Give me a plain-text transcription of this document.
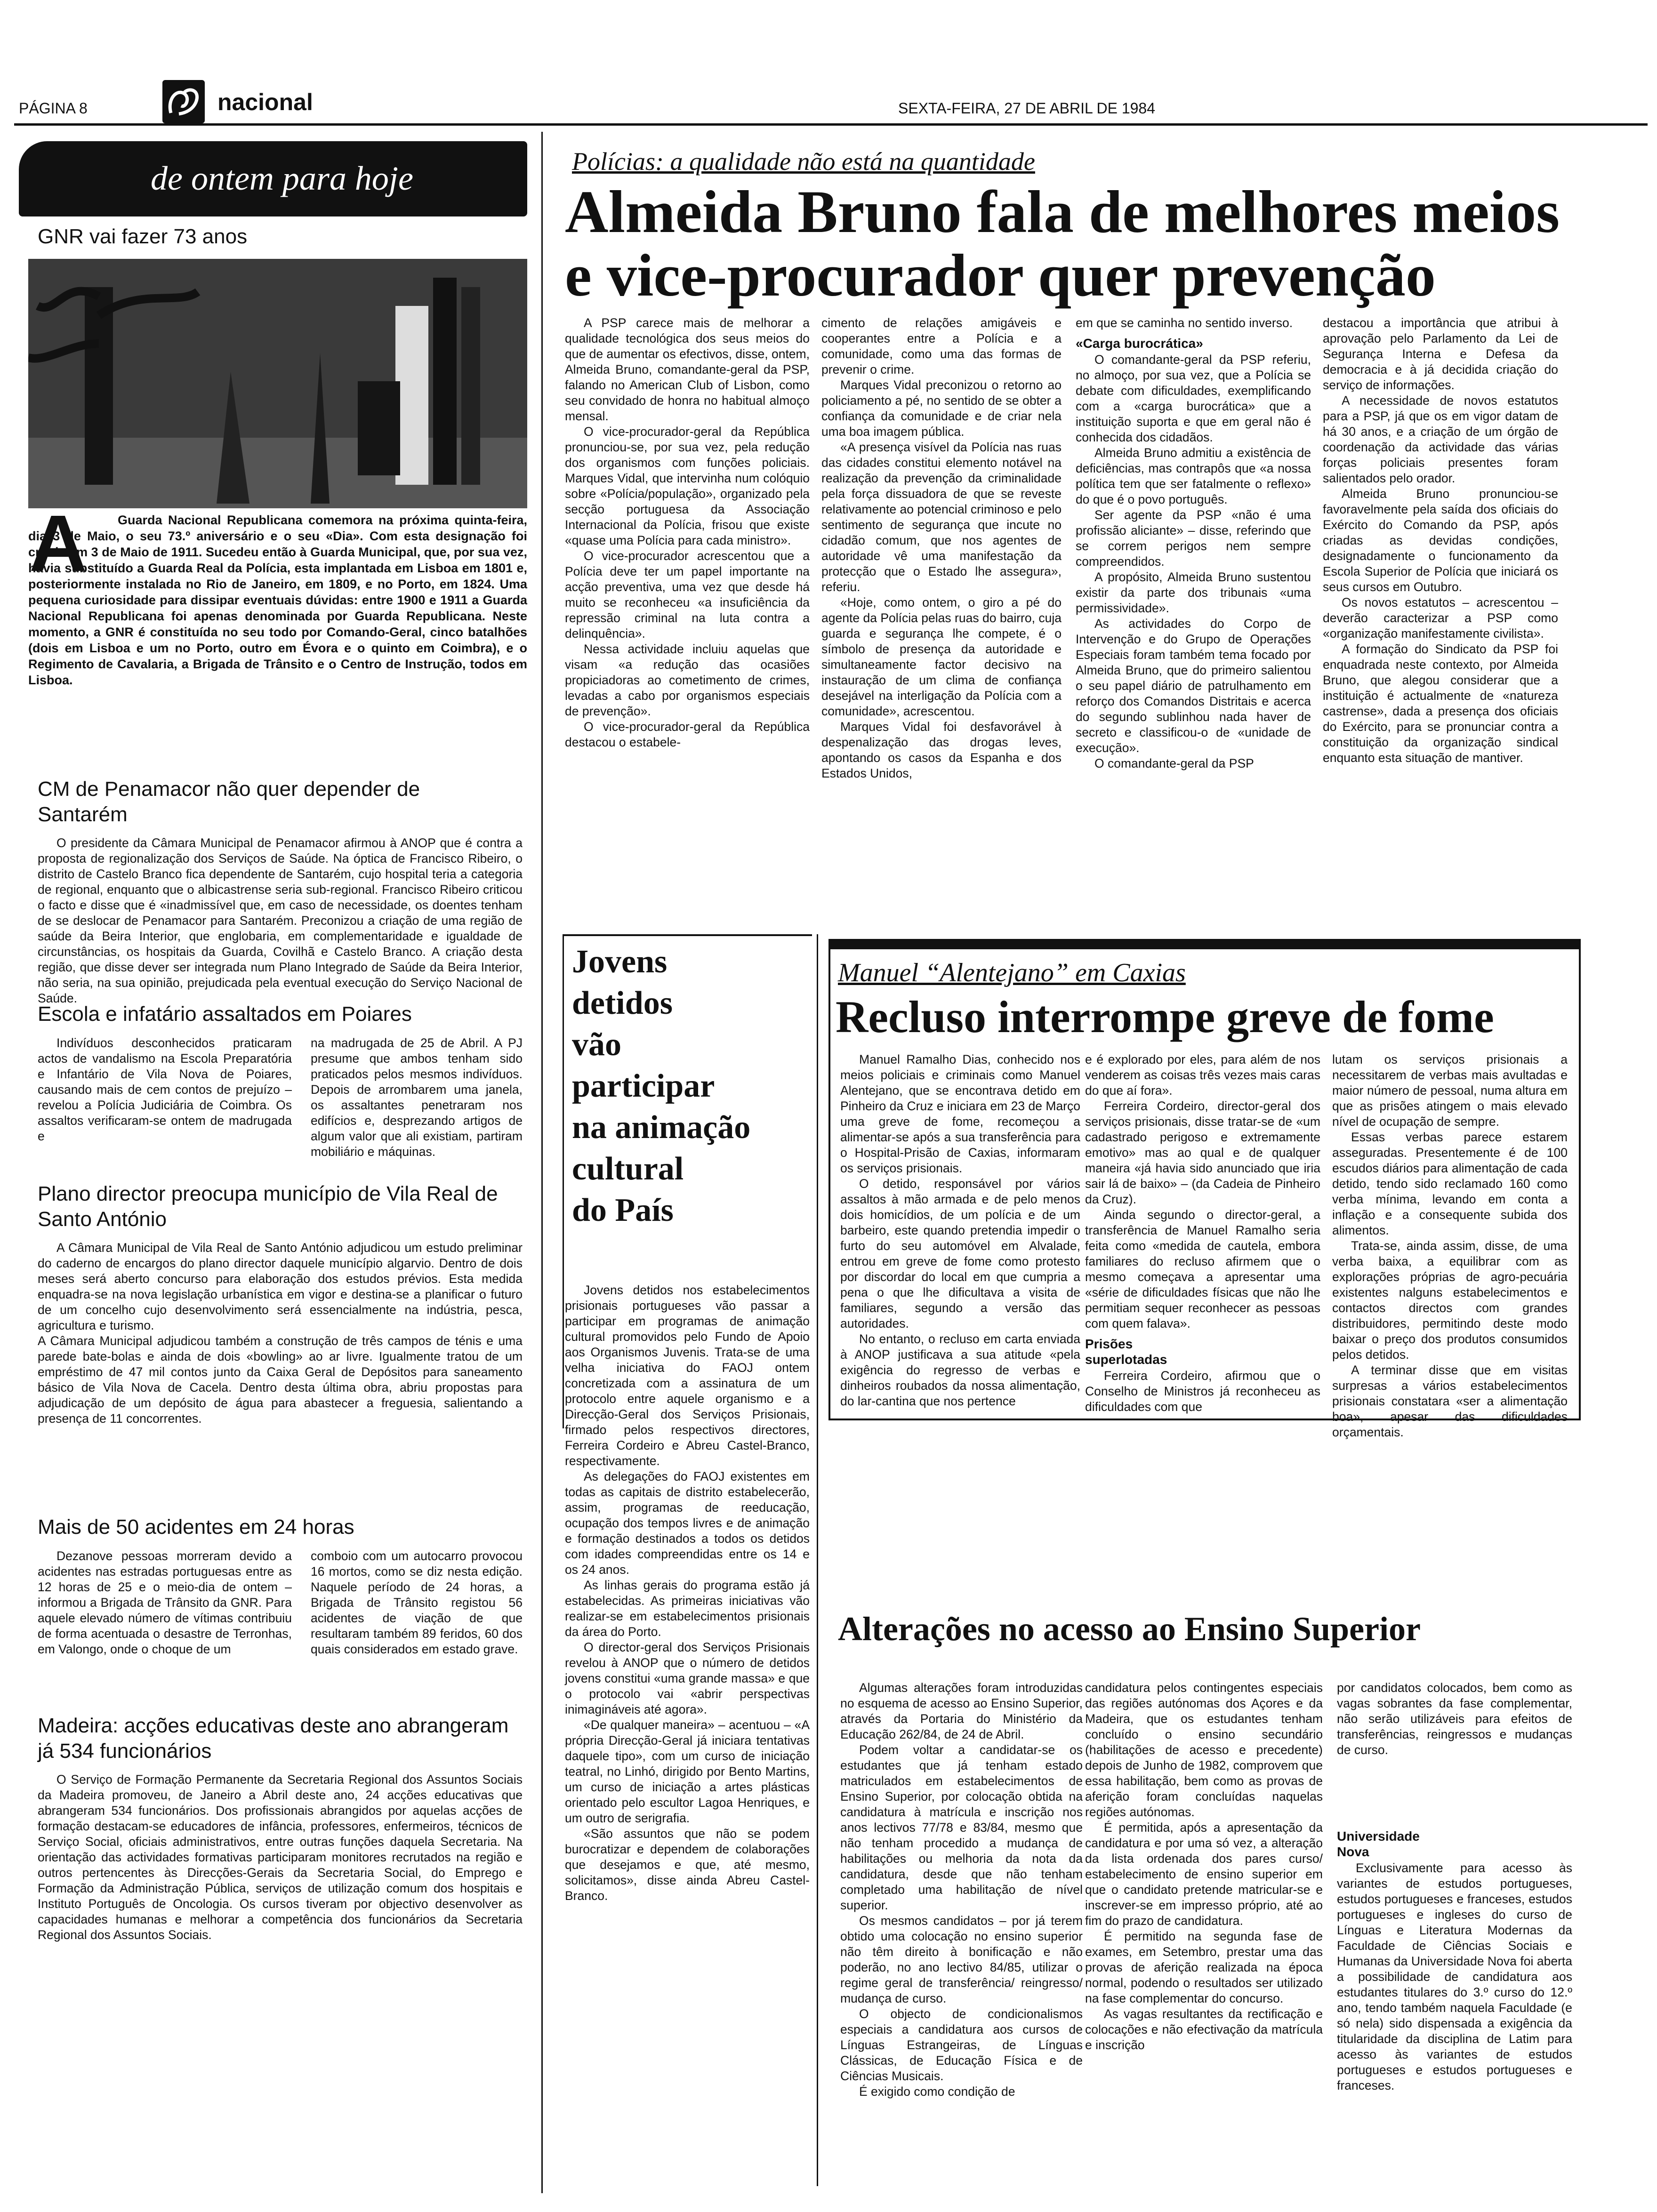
PÁGINA 8	nacional	SEXTA-FEIRA, 27 DE ABRIL DE 1984
de ontem para hoje
GNR vai fazer 73 anos
A	Guarda Nacional Republicana comemora na próxima quinta-feira, dia 3 de Maio, o seu 73.º aniversário e o seu «Dia». Com esta designação foi criada em 3 de Maio de 1911. Sucedeu então à Guarda Municipal, que, por sua vez, havia substituído a Guarda Real da Polícia, esta implantada em Lisboa em 1801 e, posteriormente instalada no Rio de Janeiro, em 1809, e no Porto, em 1824. Uma pequena curiosidade para dissipar eventuais dúvidas: entre 1900 e 1911 a Guarda Nacional Republicana foi apenas denominada por Guarda Republicana. Neste momento, a GNR é constituída no seu todo por Comando-Geral, cinco batalhões (dois em Lisboa e um no Porto, outro em Évora e o quinto em Coimbra), e o Regimento de Cavalaria, a Brigada de Trânsito e o Centro de Instrução, todos em Lisboa.
CM de Penamacor não quer depender de Santarém
O presidente da Câmara Municipal de Penamacor afirmou à ANOP que é contra a proposta de regionalização dos Serviços de Saúde. Na óptica de Francisco Ribeiro, o distrito de Castelo Branco fica dependente de Santarém, cujo hospital teria a categoria de regional, enquanto que o albicastrense seria sub-regional. Francisco Ribeiro criticou o facto e disse que é «inadmissível que, em caso de necessidade, os doentes tenham de se deslocar de Penamacor para Santarém. Preconizou a criação de uma região de saúde da Beira Interior, que englobaria, em complementaridade e igualdade de circunstâncias, os hospitais da Guarda, Covilhã e Castelo Branco. A criação desta região, que disse dever ser integrada num Plano Integrado de Saúde da Beira Interior, não seria, na sua opinião, prejudicada pela eventual execução do Serviço Nacional de Saúde.
Escola e infatário assaltados em Poiares
Indivíduos desconhecidos praticaram actos de vandalismo na Escola Preparatória e Infantário de Vila Nova de Poiares, causando mais de cem contos de prejuízo – revelou a Polícia Judiciária de Coimbra. Os assaltos verificaram-se ontem de madrugada e
na madrugada de 25 de Abril. A PJ presume que ambos tenham sido praticados pelos mesmos indivíduos. Depois de arrombarem uma janela, os assaltantes penetraram nos edifícios e, desprezando artigos de algum valor que ali existiam, partiram mobiliário e máquinas.
Plano director preocupa município de Vila Real de Santo António

A Câmara Municipal de Vila Real de Santo António adjudicou um estudo preliminar do caderno de encargos do plano director daquele município algarvio. Dentro de dois meses será aberto concurso para elaboração dos estudos prévios. Esta medida enquadra-se na nova legislação urbanística em vigor e destina-se a planificar o futuro de um concelho cujo desenvolvimento será essencialmente na indústria, pesca, agricultura e turismo.

A Câmara Municipal adjudicou também a construção de três campos de ténis e uma parede bate-bolas e ainda de dois «bowling» ao ar livre. Igualmente tratou de um empréstimo de 47 mil contos junto da Caixa Geral de Depósitos para saneamento básico de Vila Nova de Cacela. Dentro desta última obra, abriu propostas para adjudicação de um depósito de água para abastecer a freguesia, salientando a presença de 11 concorrentes.

Mais de 50 acidentes em 24 horas
Dezanove pessoas morreram devido a acidentes nas estradas portuguesas entre as 12 horas de 25 e o meio-dia de ontem – informou a Brigada de Trânsito da GNR. Para aquele elevado número de vítimas contribuiu de forma acentuada o desastre de Terronhas, em Valongo, onde o choque de um
comboio com um autocarro provocou 16 mortos, como se diz nesta edição. Naquele período de 24 horas, a Brigada de Trânsito registou 56 acidentes de viação de que resultaram também 89 feridos, 60 dos quais considerados em estado grave.
Madeira: acções educativas deste ano abrangeram já 534 funcionários
O Serviço de Formação Permanente da Secretaria Regional dos Assuntos Sociais da Madeira promoveu, de Janeiro a Abril deste ano, 24 acções educativas que abrangeram 534 funcionários. Dos profissionais abrangidos por aquelas acções de formação destacam-se educadores de infância, professores, enfermeiros, técnicos de Serviço Social, oficiais administrativos, entre outras funções daquela Secretaria. Na orientação das actividades formativas participaram monitores recrutados na região e outros pertencentes às Direcções-Gerais da Secretaria Social, do Emprego e Formação da Administração Pública, serviços de utilização comum dos hospitais e Instituto Português de Oncologia. Os cursos tiveram por objectivo desenvolver as capacidades humanas e melhorar a competência dos funcionários da Secretaria Regional dos Assuntos Sociais.
Polícias: a qualidade não está na quantidade
Almeida Bruno fala de melhores meios
e vice-procurador quer prevenção

A PSP carece mais de melhorar a qualidade tecnológica dos seus meios do que de aumentar os efectivos, disse, ontem, Almeida Bruno, comandante-geral da PSP, falando no American Club of Lisbon, como seu convidado de honra no habitual almoço mensal.

O vice-procurador-geral da República pronunciou-se, por sua vez, pela redução dos organismos com funções policiais. Marques Vidal, que intervinha num colóquio sobre «Polícia/população», organizado pela secção portuguesa da Associação Internacional da Polícia, frisou que existe «quase uma Polícia para cada ministro».

O vice-procurador acrescentou que a Polícia deve ter um papel importante na acção preventiva, uma vez que desde há muito se reconheceu «a insuficiência da repressão criminal na luta contra a delinquência».

Nessa actividade incluiu aquelas que visam «a redução das ocasiões propiciadoras ao cometimento de crimes, levadas a cabo por organismos especiais de prevenção».

O vice-procurador-geral da República destacou o estabele-

cimento de relações amigáveis e cooperantes entre a Polícia e a comunidade, como uma das formas de prevenir o crime.

Marques Vidal preconizou o retorno ao policiamento a pé, no sentido de se obter a confiança da comunidade e de criar nela uma boa imagem pública.

«A presença visível da Polícia nas ruas das cidades constitui elemento notável na realização da prevenção da criminalidade pela força dissuadora de que se reveste relativamente ao potencial criminoso e pelo sentimento de segurança que incute no cidadão comum, que nos agentes de autoridade vê uma manifestação da protecção que o Estado lhe assegura», referiu.

«Hoje, como ontem, o giro a pé do agente da Polícia pelas ruas do bairro, cuja guarda e segurança lhe compete, é o símbolo de presença da autoridade e simultaneamente factor decisivo na instauração de um clima de confiança desejável na interligação da Polícia com a comunidade», acrescentou.

Marques Vidal foi desfavorável à despenalização das drogas leves, apontando os casos da Espanha e dos Estados Unidos,

em que se caminha no sentido inverso.

«Carga burocrática»

O comandante-geral da PSP referiu, no almoço, por sua vez, que a Polícia se debate com dificuldades, exemplificando com a «carga burocrática» que a instituição suporta e que em geral não é conhecida dos cidadãos.

Almeida Bruno admitiu a existência de deficiências, mas contrapôs que «a nossa política tem que ser fatalmente o reflexo» do que é o povo português.

Ser agente da PSP «não é uma profissão aliciante» – disse, referindo que se correm perigos nem sempre compreendidos.

A propósito, Almeida Bruno sustentou existir da parte dos tribunais «uma permissividade».

As actividades do Corpo de Intervenção e do Grupo de Operações Especiais foram também tema focado por Almeida Bruno, que do primeiro salientou o seu papel diário de patrulhamento em reforço dos Comandos Distritais e acerca do segundo sublinhou nada haver de secreto e classificou-o de «unidade de execução».

O comandante-geral da PSP

destacou a importância que atribui à aprovação pelo Parlamento da Lei de Segurança Interna e Defesa da democracia e à já decidida criação do serviço de informações.

A necessidade de novos estatutos para a PSP, já que os em vigor datam de há 30 anos, e a criação de um órgão de coordenação da actividade das várias forças policiais presentes foram salientados pelo orador.

Almeida Bruno pronunciou-se favoravelmente pela saída dos oficiais do Exército do Comando da PSP, após criadas as devidas condições, designadamente o funcionamento da Escola Superior de Polícia que iniciará os seus cursos em Outubro.

Os novos estatutos – acrescentou – deverão caracterizar a PSP como «organização manifestamente civilista».

A formação do Sindicato da PSP foi enquadrada neste contexto, por Almeida Bruno, que alegou considerar que a instituição é actualmente de «natureza castrense», dada a presença dos oficiais do Exército, para se pronunciar contra a constituição da organização sindical enquanto esta situação de mantiver.

Jovens
detidos
vão
participar
na animação
cultural
do País

Jovens detidos nos estabelecimentos prisionais portugueses vão passar a participar em programas de animação cultural promovidos pelo Fundo de Apoio aos Organismos Juvenis. Trata-se de uma velha iniciativa do FAOJ ontem concretizada com a assinatura de um protocolo entre aquele organismo e a Direcção-Geral dos Serviços Prisionais, firmado pelos respectivos directores, Ferreira Cordeiro e Abreu Castel-Branco, respectivamente.

As delegações do FAOJ existentes em todas as capitais de distrito estabelecerão, assim, programas de reeducação, ocupação dos tempos livres e de animação e formação destinados a todos os detidos com idades compreendidas entre os 14 e os 24 anos.

As linhas gerais do programa estão já estabelecidas. As primeiras iniciativas vão realizar-se em estabelecimentos prisionais da área do Porto.

O director-geral dos Serviços Prisionais revelou à ANOP que o número de detidos jovens constitui «uma grande massa» e que o protocolo vai «abrir perspectivas inimagináveis até agora».

«De qualquer maneira» – acentuou – «A própria Direcção-Geral já iniciara tentativas daquele tipo», com um curso de iniciação teatral, no Linhó, dirigido por Bento Martins, um curso de iniciação a artes plásticas orientado pelo escultor Lagoa Henriques, e um outro de serigrafia.

«São assuntos que não se podem burocratizar e dependem de colaborações que desejamos e que, até mesmo, solicitamos», disse ainda Abreu Castel-Branco.

Manuel “Alentejano” em Caxias
Recluso interrompe greve de fome

Manuel Ramalho Dias, conhecido nos meios policiais e criminais como Manuel Alentejano, que se encontrava detido em Pinheiro da Cruz e iniciara em 23 de Março uma greve de fome, recomeçou a alimentar-se após a sua transferência para o Hospital-Prisão de Caxias, informaram os serviços prisionais.

O detido, responsável por vários assaltos à mão armada e de pelo menos dois homicídios, de um polícia e de um barbeiro, este quando pretendia impedir o furto do seu automóvel em Alvalade, entrou em greve de fome como protesto por discordar do local em que cumpria a pena o que lhe dificultava a visita de familiares, segundo a versão das autoridades.

No entanto, o recluso em carta enviada à ANOP justificava a sua atitude «pela exigência do regresso de verbas e dinheiros roubados da nossa alimentação, do lar-cantina que nos pertence

e é explorado por eles, para além de nos venderem as coisas três vezes mais caras do que aí fora».

Ferreira Cordeiro, director-geral dos serviços prisionais, disse tratar-se de «um cadastrado perigoso e extremamente emotivo» mas ao qual e de qualquer maneira «já havia sido anunciado que iria sair lá de baixo» – (da Cadeia de Pinheiro da Cruz).

Ainda segundo o director-geral, a transferência de Manuel Ramalho seria feita como «medida de cautela, embora familiares do recluso afirmem que o mesmo começava a apresentar uma «série de dificuldades físicas que não lhe permitiam sequer reconhecer as pessoas com quem falava».

Prisões superlotadas

Ferreira Cordeiro, afirmou que o Conselho de Ministros já reconheceu as dificuldades com que

lutam os serviços prisionais a necessitarem de verbas mais avultadas e maior número de pessoal, numa altura em que as prisões atingem o mais elevado nível de ocupação de sempre.

Essas verbas parece estarem asseguradas. Presentemente é de 100 escudos diários para alimentação de cada detido, tendo sido reclamado 160 como verba mínima, levando em conta a inflação e a consequente subida dos alimentos.

Trata-se, ainda assim, disse, de uma verba baixa, a equilibrar com as explorações próprias de agro-pecuária existentes nalguns estabelecimentos e contactos directos com grandes distribuidores, permitindo deste modo baixar o preço dos produtos consumidos pelos detidos.

A terminar disse que em visitas surpresas a vários estabelecimentos prisionais constatara «ser a alimentação boa», apesar das dificuldades orçamentais.

Alterações no acesso ao Ensino Superior

Algumas alterações foram introduzidas no esquema de acesso ao Ensino Superior, através da Portaria do Ministério da Educação 262/84, de 24 de Abril.

Podem voltar a candidatar-se os estudantes que já tenham estado matriculados em estabelecimentos de Ensino Superior, por colocação obtida na candidatura à matrícula e inscrição nos anos lectivos 77/78 e 83/84, mesmo que não tenham procedido a mudança de habilitações ou melhoria da nota da candidatura, desde que não tenham completado uma habilitação de nível superior.

Os mesmos candidatos – por já terem obtido uma colocação no ensino superior não têm direito à bonificação e não poderão, no ano lectivo 84/85, utilizar o regime geral de transferência/ reingresso/ mudança de curso.

O objecto de condicionalismos especiais a candidatura aos cursos de Línguas Estrangeiras, de Línguas Clássicas, de Educação Física e de Ciências Musicais.

É exigido como condição de

candidatura pelos contingentes especiais das regiões autónomas dos Açores e da Madeira, que os estudantes tenham concluído o ensino secundário (habilitações de acesso e precedente) depois de Junho de 1982, comprovem que essa habilitação, bem como as provas de aferição foram concluídas naquelas regiões autónomas.

É permitida, após a apresentação da candidatura e por uma só vez, a alteração da lista ordenada dos pares curso/ estabelecimento de ensino superior em que o candidato pretende matricular-se e inscrever-se em impresso próprio, até ao fim do prazo de candidatura.

É permitido na segunda fase de exames, em Setembro, prestar uma das provas de aferição realizada na época normal, podendo o resultados ser utilizado na fase complementar do concurso.

As vagas resultantes da rectificação e colocações e não efectivação da matrícula e inscrição

por candidatos colocados, bem como as vagas sobrantes da fase complementar, não serão utilizáveis para efeitos de transferências, reingressos e mudanças de curso.

Universidade Nova

Exclusivamente para acesso às variantes de estudos portugueses, estudos portugueses e franceses, estudos portugueses e ingleses do curso de Línguas e Literatura Modernas da Faculdade de Ciências Sociais e Humanas da Universidade Nova foi aberta a possibilidade de candidatura aos estudantes titulares do 3.º curso do 12.º ano, tendo também naquela Faculdade (e só nela) sido dispensada a exigência da titularidade da disciplina de Latim para acesso às variantes de estudos portugueses e estudos portugueses e franceses.
